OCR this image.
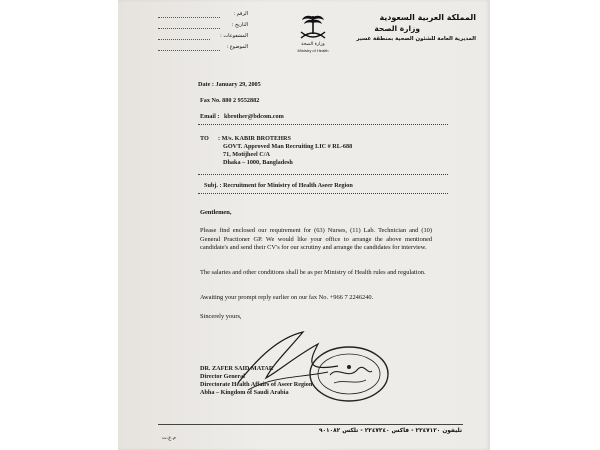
الرقم :
التاريخ :
المشفوعات :
الموضوع :	وزارة الصحة
Ministry of Health
المملكة العربية السعودية
وزارة الصحة
المديرية العامة للشئون الصحية بمنطقة عسير
Date : January 29, 2005
Fax No. 880 2 9552882
Email : kbrother@bdcom.com
TO : M/s. KABIR BROTEHRS
GOVT. Approved Man Recruiting LIC # RL-688
71, Motijheel C/A
Dhaka – 1000, Bangladesh
Subj. : Recruitment for Ministry of Health Aseer Region
Gentlemen,
Please find enclosed our requirement for (63) Nurses, (11) Lab. Technician and (10) General Practioner GP. We would like your office to arrange the above mentioned candidate's and send their CV's for our scrutiny and arrange the candidates for interview.
The salaries and other conditions shall be as per Ministry of Health rules and regulation.
Awaiting your prompt reply earlier on our fax No. +966 7 2246240.
Sincerely yours,
DR. ZAFER SAID MATAR
Director General
Directorate Health Affairs of Aseer Region
Abha – Kingdom of Saudi Arabia
تليفون ٢٢٤٧١٢٠ - فاكس ٢٢٤٧٢٤٠ - تلكس ٩٠١٠٨٢
م.ع.ت
